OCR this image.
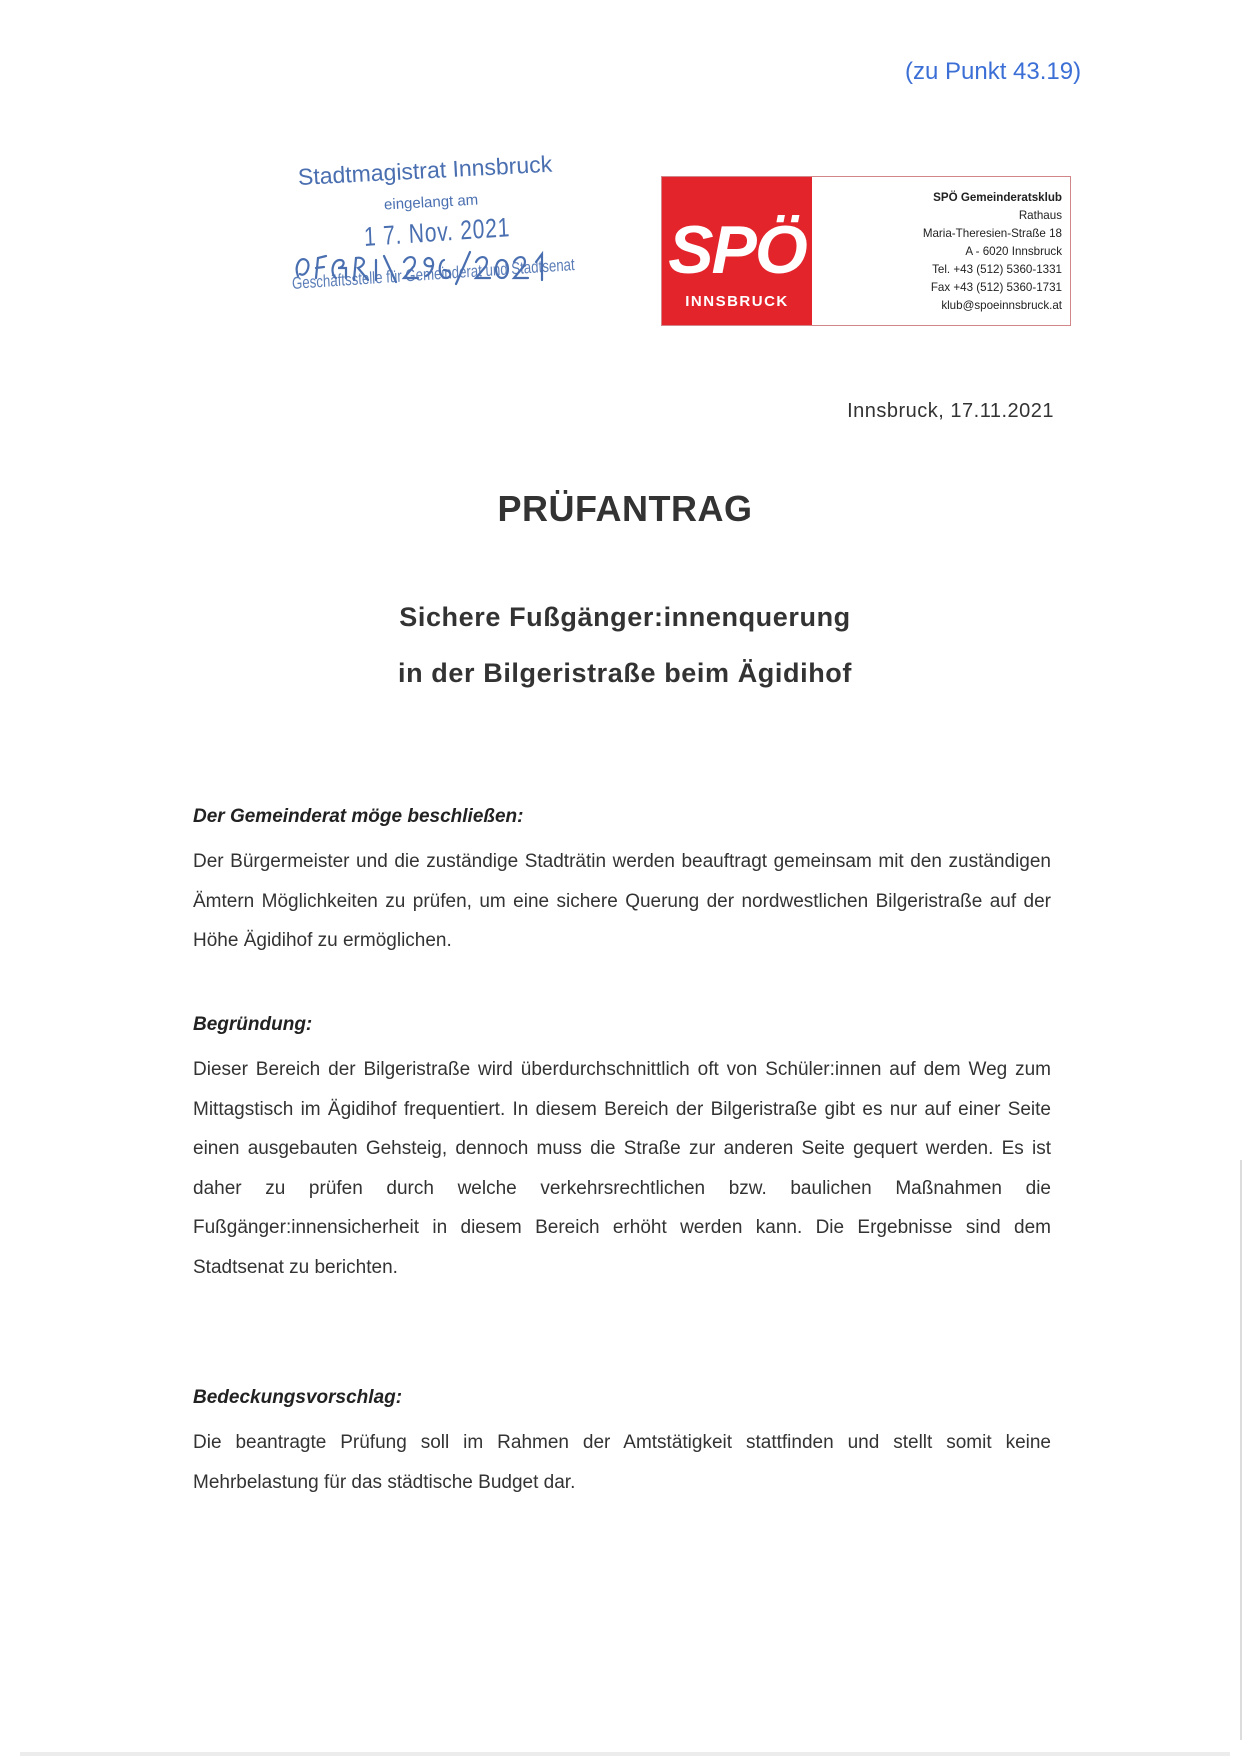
(zu Punkt 43.19)
Stadtmagistrat Innsbruck
eingelangt am
1 7. Nov. 2021
Geschäftsstelle für Gemeinderat und Stadtsenat SPÖ
INNSBRUCK
SPÖ Gemeinderatsklub
Rathaus
Maria-Theresien-Straße 18
A - 6020 Innsbruck
Tel. +43 (512) 5360-1331
Fax +43 (512) 5360-1731
klub@spoeinnsbruck.at
Innsbruck, 17.11.2021
PRÜFANTRAG
Sichere Fußgänger:innenquerung
in der Bilgeristraße beim Ägidihof
Der Gemeinderat möge beschließen:

Der Bürgermeister und die zuständige Stadträtin werden beauftragt gemeinsam mit den zuständigen Ämtern Möglichkeiten zu prüfen, um eine sichere Querung der nordwestlichen Bilgeristraße auf der Höhe Ägidihof zu ermöglichen.

Begründung:

Dieser Bereich der Bilgeristraße wird überdurchschnittlich oft von Schüler:innen auf dem Weg zum Mittagstisch im Ägidihof frequentiert. In diesem Bereich der Bilgeristraße gibt es nur auf einer Seite einen ausgebauten Gehsteig, dennoch muss die Straße zur anderen Seite gequert werden. Es ist daher zu prüfen durch welche verkehrsrechtlichen bzw. baulichen Maßnahmen die Fußgänger:innensicherheit in diesem Bereich erhöht werden kann. Die Ergebnisse sind dem Stadtsenat zu berichten.

Bedeckungsvorschlag:

Die beantragte Prüfung soll im Rahmen der Amtstätigkeit stattfinden und stellt somit keine Mehrbelastung für das städtische Budget dar.
